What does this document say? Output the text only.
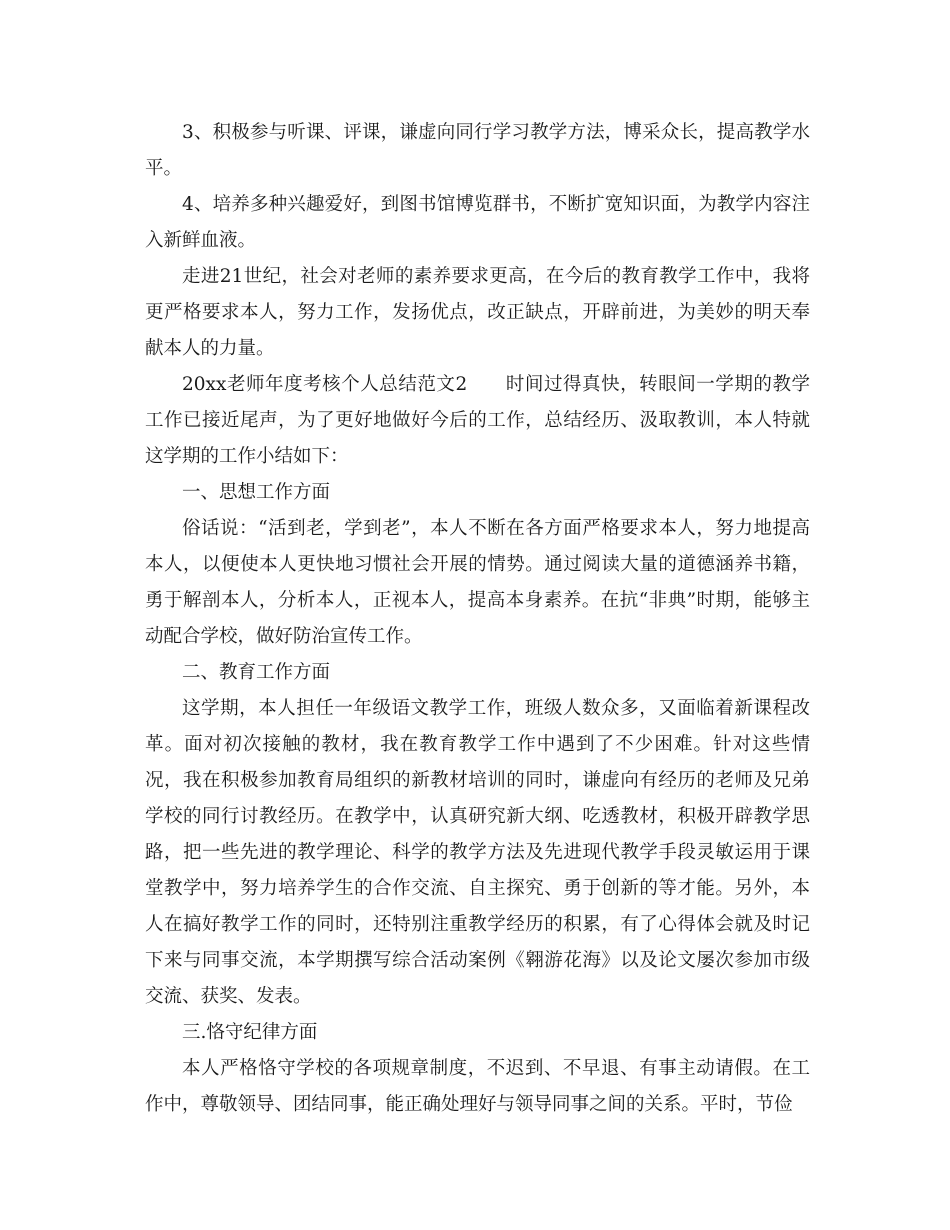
3、积极参与听课、评课，谦虚向同行学习教学方法，博采众长，提高教学水平。

4、培养多种兴趣爱好，到图书馆博览群书，不断扩宽知识面，为教学内容注入新鲜血液。

走进21世纪，社会对老师的素养要求更高，在今后的教育教学工作中，我将更严格要求本人，努力工作，发扬优点，改正缺点，开辟前进，为美妙的明天奉献本人的力量。

20xx老师年度考核个人总结范文2　　时间过得真快，转眼间一学期的教学工作已接近尾声，为了更好地做好今后的工作，总结经历、汲取教训，本人特就这学期的工作小结如下：

一、思想工作方面

俗话说：“活到老，学到老”，本人不断在各方面严格要求本人，努力地提高本人，以便使本人更快地习惯社会开展的情势。通过阅读大量的道德涵养书籍，勇于解剖本人，分析本人，正视本人，提高本身素养。在抗“非典”时期，能够主动配合学校，做好防治宣传工作。

二、教育工作方面

这学期，本人担任一年级语文教学工作，班级人数众多，又面临着新课程改革。面对初次接触的教材，我在教育教学工作中遇到了不少困难。针对这些情况，我在积极参加教育局组织的新教材培训的同时，谦虚向有经历的老师及兄弟学校的同行讨教经历。在教学中，认真研究新大纲、吃透教材，积极开辟教学思路，把一些先进的教学理论、科学的教学方法及先进现代教学手段灵敏运用于课堂教学中，努力培养学生的合作交流、自主探究、勇于创新的等才能。另外，本人在搞好教学工作的同时，还特别注重教学经历的积累，有了心得体会就及时记下来与同事交流，本学期撰写综合活动案例《翱游花海》以及论文屡次参加市级交流、获奖、发表。

三.恪守纪律方面

本人严格恪守学校的各项规章制度，不迟到、不早退、有事主动请假。在工作中，尊敬领导、团结同事，能正确处理好与领导同事之间的关系。平时，节俭
